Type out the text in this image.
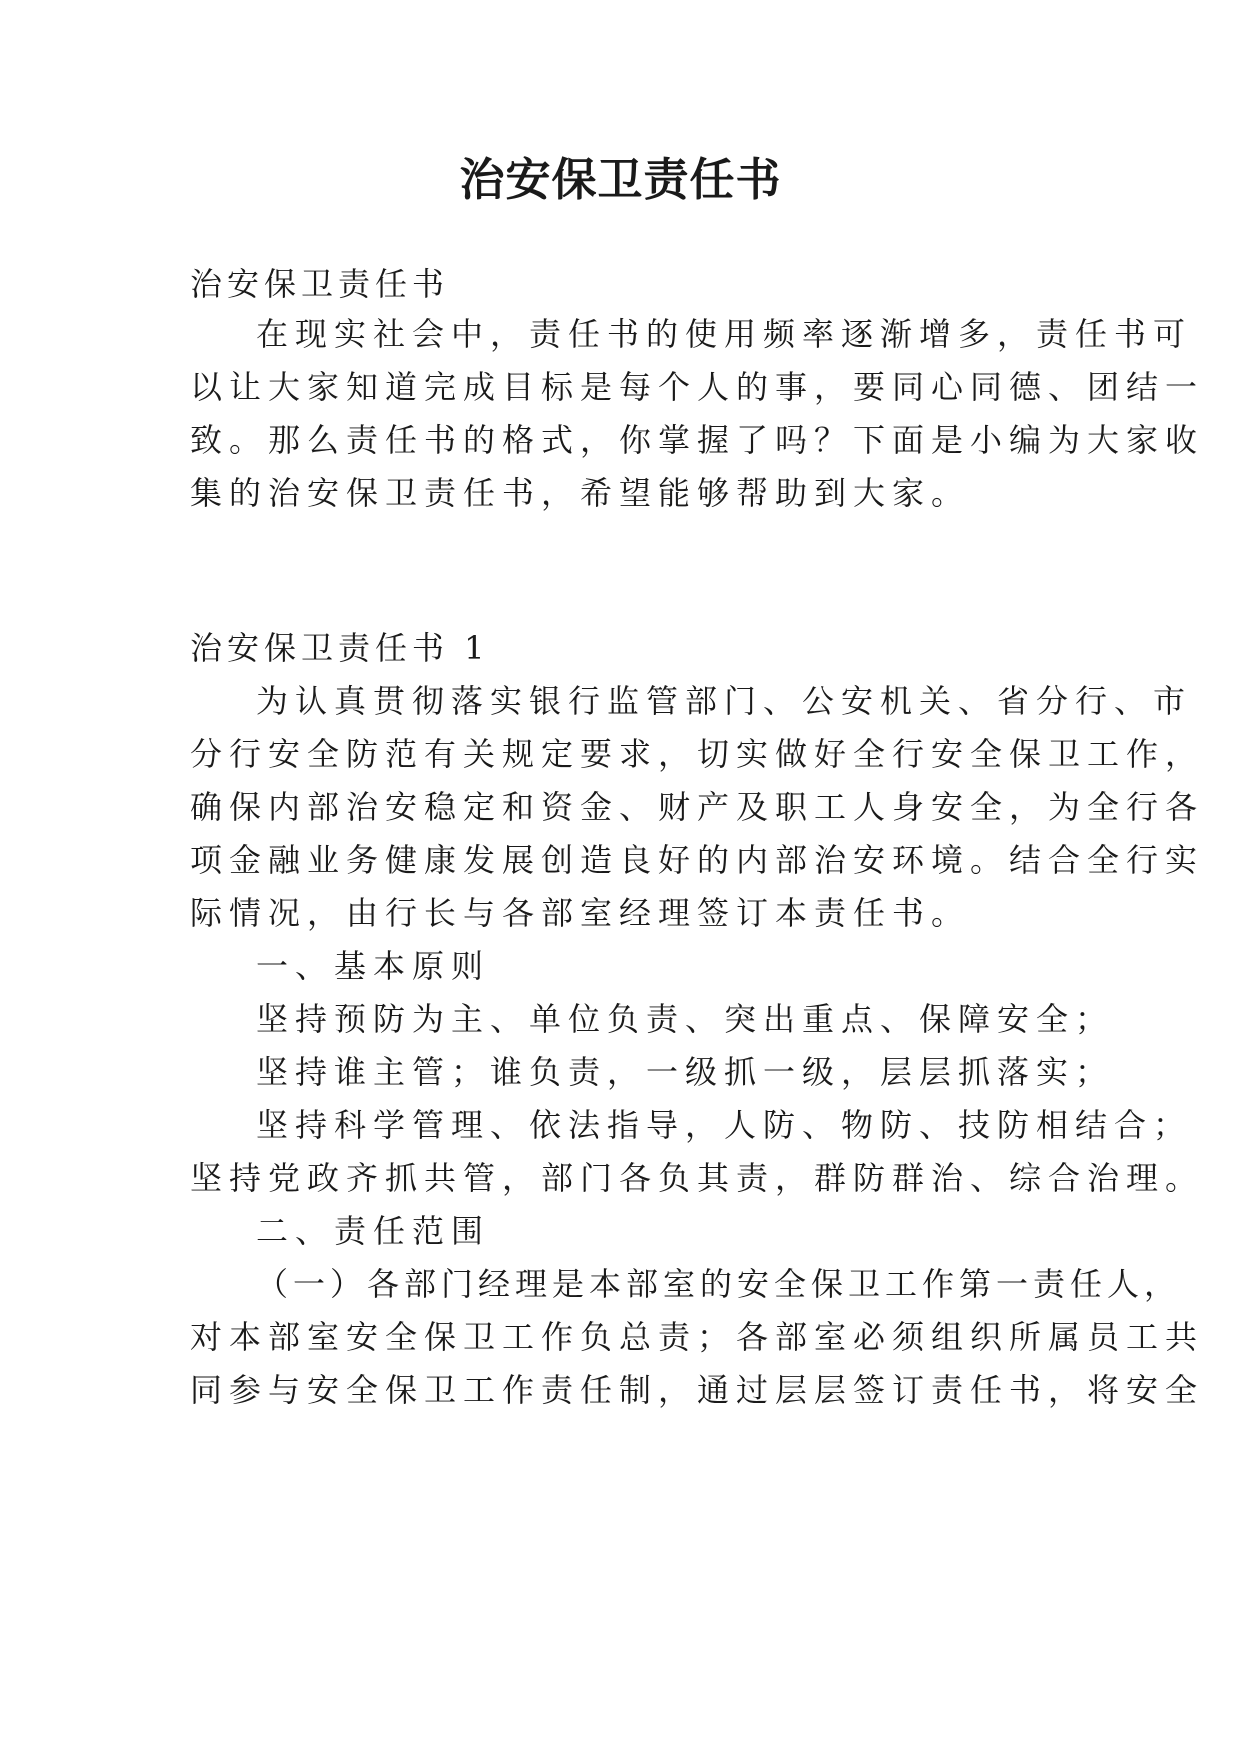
治安保卫责任书

治安保卫责任书

在现实社会中，责任书的使用频率逐渐增多，责任书可

以让大家知道完成目标是每个人的事，要同心同德、团结一

致。那么责任书的格式，你掌握了吗？下面是小编为大家收

集的治安保卫责任书，希望能够帮助到大家。

治安保卫责任书 1

为认真贯彻落实银行监管部门、公安机关、省分行、市

分行安全防范有关规定要求，切实做好全行安全保卫工作，

确保内部治安稳定和资金、财产及职工人身安全，为全行各

项金融业务健康发展创造良好的内部治安环境。结合全行实

际情况，由行长与各部室经理签订本责任书。

一、基本原则

坚持预防为主、单位负责、突出重点、保障安全；

坚持谁主管；谁负责，一级抓一级，层层抓落实；

坚持科学管理、依法指导，人防、物防、技防相结合；

坚持党政齐抓共管，部门各负其责，群防群治、综合治理。

二、责任范围

（一）各部门经理是本部室的安全保卫工作第一责任人，

对本部室安全保卫工作负总责；各部室必须组织所属员工共

同参与安全保卫工作责任制，通过层层签订责任书，将安全
